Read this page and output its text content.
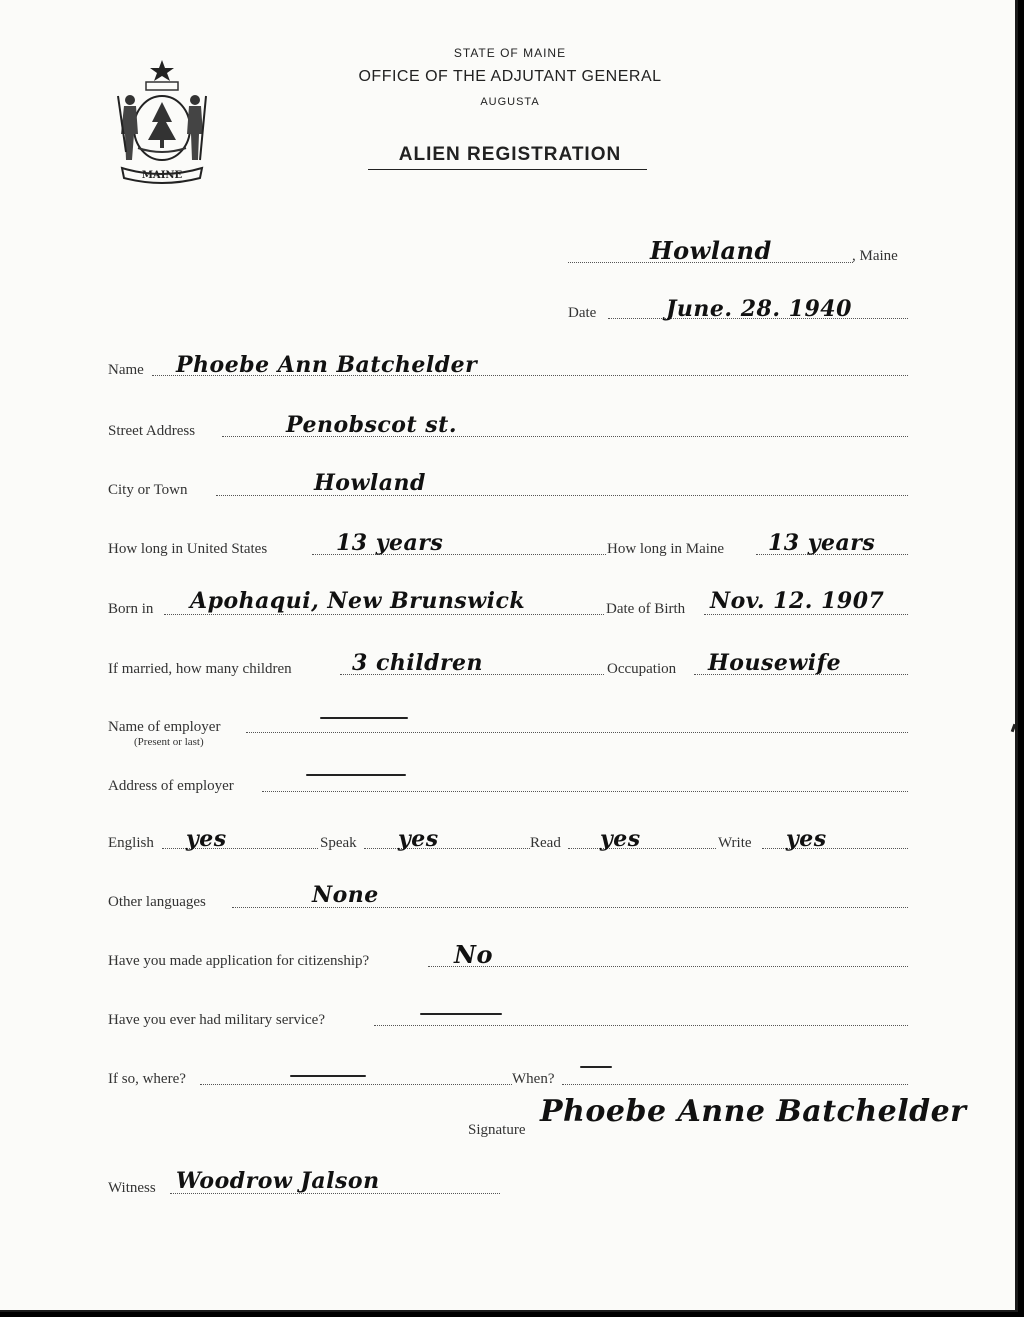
MAINE
STATE OF MAINE
OFFICE OF THE ADJUTANT GENERAL
AUGUSTA
ALIEN REGISTRATION
Howland	, Maine
Date	June. 28. 1940
Name Phoebe Ann Batchelder
Street Address	Penobscot st.
City or Town	Howland
How long in United States	13 years	How long in Maine 13 years
Born in Apohaqui, New Brunswick	Date of Birth Nov. 12. 1907
If married, how many children	3 children	Occupation Housewife
Name of employer
(Present or last)
Address of employer
English yes	Speak yes	Read yes	Write yes
Other languages	None
Have you made application for citizenship?	No
Have you ever had military service?
If so, where?	When?
Signature
Phoebe Anne Batchelder
Witness Woodrow Jalson
